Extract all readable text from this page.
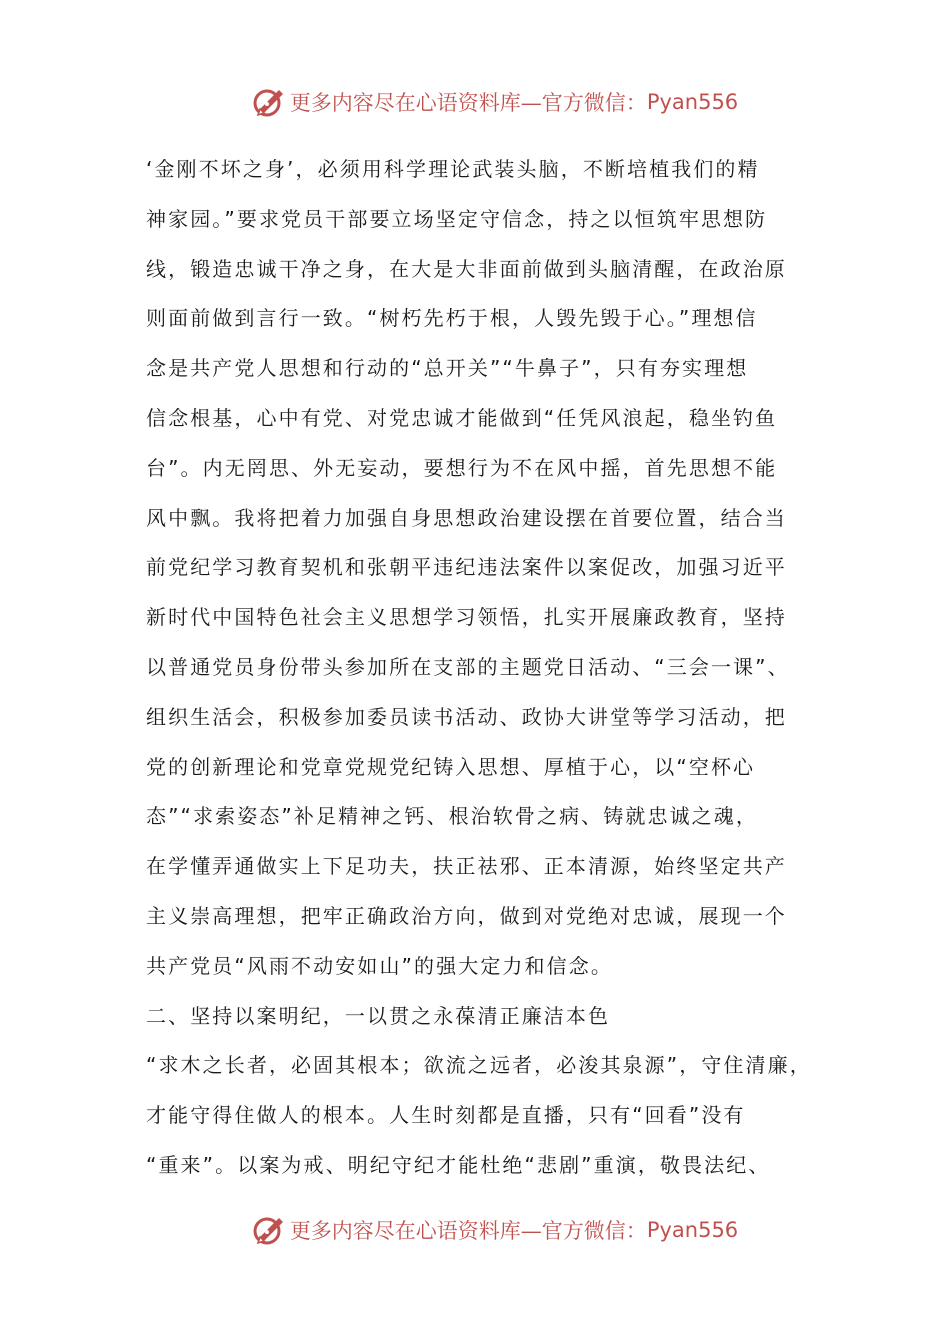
更多内容尽在心语资料库—官方微信： Pyan556
‘金刚不坏之身’，必须用科学理论武装头脑，不断培植我们的精
神家园。”要求党员干部要立场坚定守信念，持之以恒筑牢思想防
线，锻造忠诚干净之身，在大是大非面前做到头脑清醒，在政治原
则面前做到言行一致。“树朽先朽于根，人毁先毁于心。”理想信
念是共产党人思想和行动的“总开关”“牛鼻子”，只有夯实理想
信念根基，心中有党、对党忠诚才能做到“任凭风浪起，稳坐钓鱼
台”。内无罔思、外无妄动，要想行为不在风中摇，首先思想不能
风中飘。我将把着力加强自身思想政治建设摆在首要位置，结合当
前党纪学习教育契机和张朝平违纪违法案件以案促改，加强习近平
新时代中国特色社会主义思想学习领悟，扎实开展廉政教育，坚持
以普通党员身份带头参加所在支部的主题党日活动、“三会一课”、
组织生活会，积极参加委员读书活动、政协大讲堂等学习活动，把
党的创新理论和党章党规党纪铸入思想、厚植于心，以“空杯心
态”“求索姿态”补足精神之钙、根治软骨之病、铸就忠诚之魂，
在学懂弄通做实上下足功夫，扶正祛邪、正本清源，始终坚定共产
主义崇高理想，把牢正确政治方向，做到对党绝对忠诚，展现一个
共产党员“风雨不动安如山”的强大定力和信念。
二、坚持以案明纪，一以贯之永葆清正廉洁本色
“求木之长者，必固其根本；欲流之远者，必浚其泉源”，守住清廉，
才能守得住做人的根本。人生时刻都是直播，只有“回看”没有
“重来”。以案为戒、明纪守纪才能杜绝“悲剧”重演，敬畏法纪、
更多内容尽在心语资料库—官方微信： Pyan556
